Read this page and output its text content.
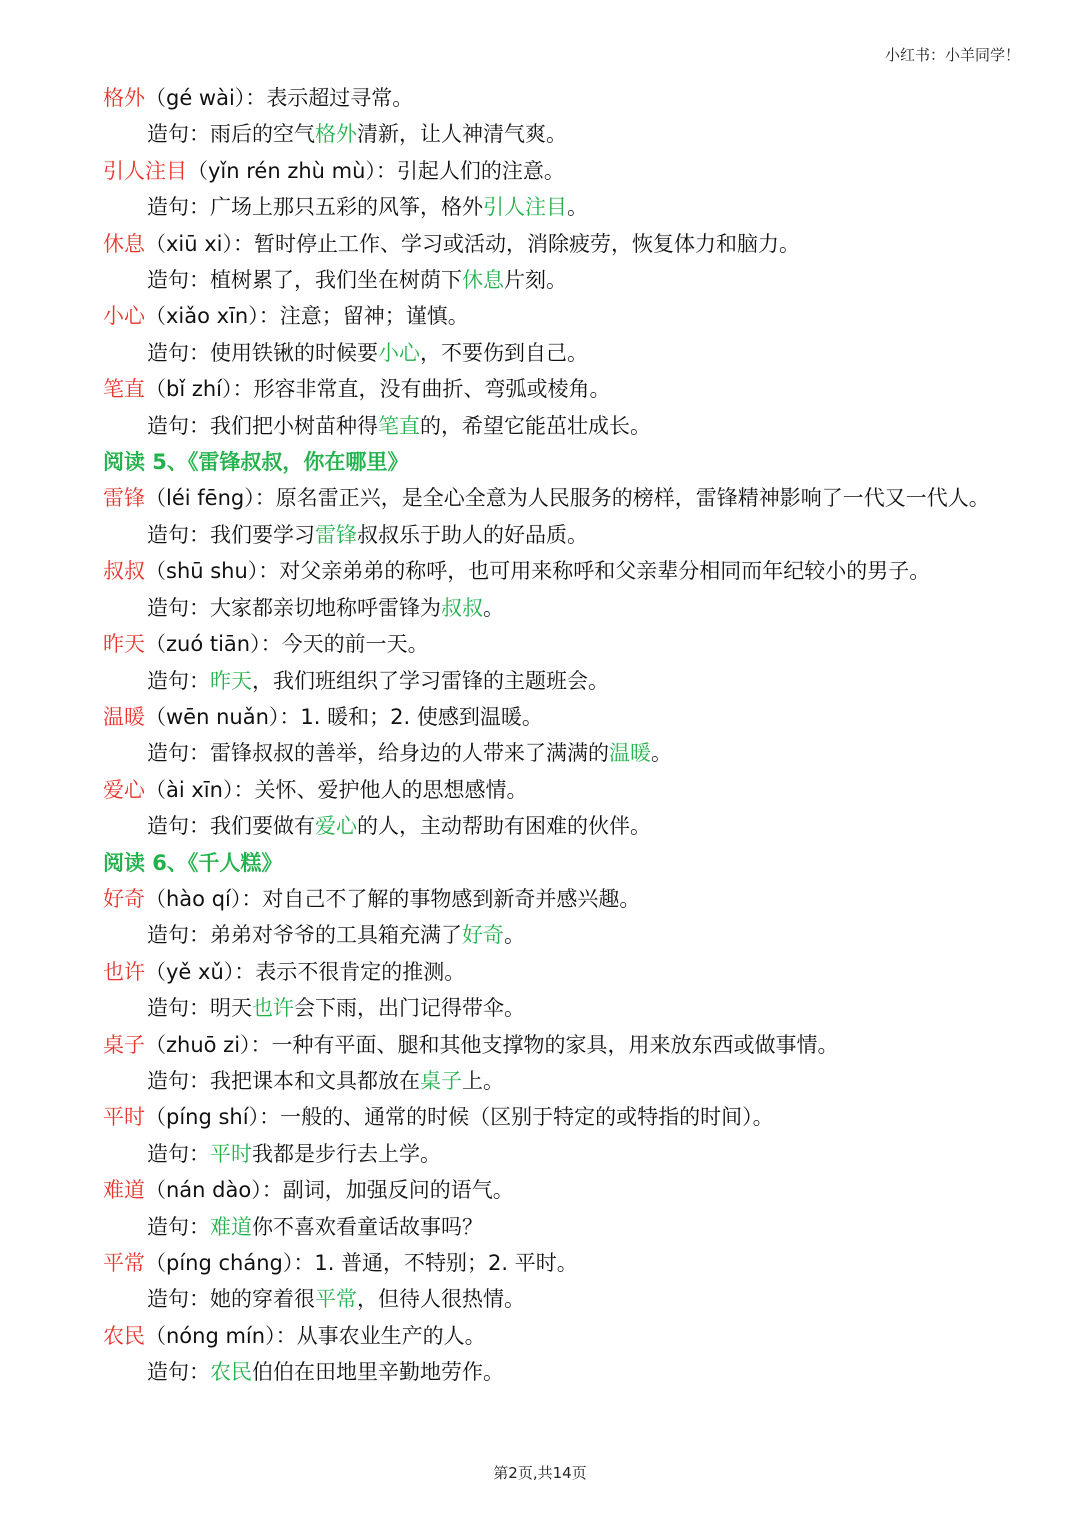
小红书：小羊同学！
格外（gé wài）：表示超过寻常。
造句：雨后的空气格外清新，让人神清气爽。
引人注目（yǐn rén zhù mù）：引起人们的注意。
造句：广场上那只五彩的风筝，格外引人注目。
休息（xiū xi）：暂时停止工作、学习或活动，消除疲劳，恢复体力和脑力。
造句：植树累了，我们坐在树荫下休息片刻。
小心（xiǎo xīn）：注意；留神；谨慎。
造句：使用铁锹的时候要小心，不要伤到自己。
笔直（bǐ zhí）：形容非常直，没有曲折、弯弧或棱角。
造句：我们把小树苗种得笔直的，希望它能茁壮成长。
阅读 5、《雷锋叔叔，你在哪里》
雷锋（léi fēng）：原名雷正兴，是全心全意为人民服务的榜样，雷锋精神影响了一代又一代人。
造句：我们要学习雷锋叔叔乐于助人的好品质。
叔叔（shū shu）：对父亲弟弟的称呼，也可用来称呼和父亲辈分相同而年纪较小的男子。
造句：大家都亲切地称呼雷锋为叔叔。
昨天（zuó tiān）：今天的前一天。
造句：昨天，我们班组织了学习雷锋的主题班会。
温暖（wēn nuǎn）：1. 暖和；2. 使感到温暖。
造句：雷锋叔叔的善举，给身边的人带来了满满的温暖。
爱心（ài xīn）：关怀、爱护他人的思想感情。
造句：我们要做有爱心的人，主动帮助有困难的伙伴。
阅读 6、《千人糕》
好奇（hào qí）：对自己不了解的事物感到新奇并感兴趣。
造句：弟弟对爷爷的工具箱充满了好奇。
也许（yě xǔ）：表示不很肯定的推测。
造句：明天也许会下雨，出门记得带伞。
桌子（zhuō zi）：一种有平面、腿和其他支撑物的家具，用来放东西或做事情。
造句：我把课本和文具都放在桌子上。
平时（píng shí）：一般的、通常的时候（区别于特定的或特指的时间）。
造句：平时我都是步行去上学。
难道（nán dào）：副词，加强反问的语气。
造句：难道你不喜欢看童话故事吗？
平常（píng cháng）：1. 普通，不特别；2. 平时。
造句：她的穿着很平常，但待人很热情。
农民（nóng mín）：从事农业生产的人。
造句：农民伯伯在田地里辛勤地劳作。
第2页,共14页
